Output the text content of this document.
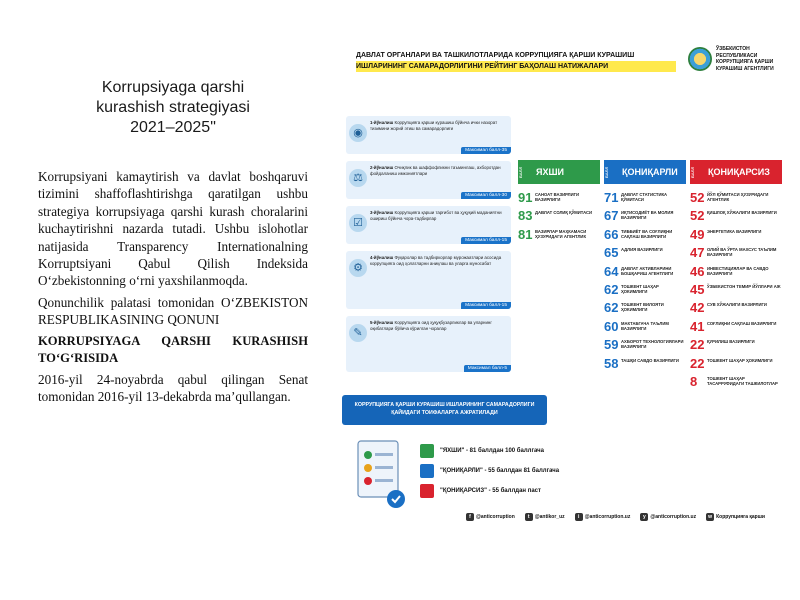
Korrupsiyaga qarshi
kurashish strategiyasi
2021–2025"

Korrupsiyani kamaytirish va davlat boshqaruvi tizimini shaffoflashtirishga qaratilgan ushbu strategiya korrupsiyaga qarshi kurash choralarini kuchaytirishni nazarda tutadi. Ushbu islohotlar natijasida Transparency Internationalning Korruptsiyani Qabul Qilish Indeksida O‘zbekistonning o‘rni yaxshilanmoqda.

Qonunchilik palatasi tomonidan O‘ZBEKISTON RESPUBLIKASINING QONUNI

KORRUPSIYAGA QARSHI KURASHISH TO‘G‘RISIDA

2016-yil 24-noyabrda qabul qilingan Senat tomonidan 2016-yil 13-dekabrda ma’qullangan.

ДАВЛАТ ОРГАНЛАРИ ВА ТАШКИЛОТЛАРИДА КОРРУПЦИЯГА ҚАРШИ КУРАШИШ
ИШЛАРИНИНГ САМАРАДОРЛИГИНИ РЕЙТИНГ БАҲОЛАШ НАТИЖАЛАРИ
ЎЗБЕКИСТОН РЕСПУБЛИКАСИ КОРРУПЦИЯГА ҚАРШИ КУРАШИШ АГЕНТЛИГИ
◉
1-йўналиш Коррупцияга қарши курашиш бўйича ички назорат тизимини жорий этиш ва самарадорлиги
Максимал балл-35
⚖
2-йўналиш Очиқлик ва шаффофликни таъминлаш, ахборотдан фойдаланиш имкониятлари
Максимал балл-30
☑
3-йўналиш Коррупцияга қарши тарғибот ва ҳуқуқий маданиятни ошириш бўйича чора-тадбирлар
Максимал балл-15
⚙
4-йўналиш Фуқаролар ва тадбиркорлар мурожаатлари асосида коррупцияга оид ҳолатларни аниқлаш ва уларга муносабат
Максимал балл-15
✎
5-йўналиш Коррупцияга оид ҳуқуқбузарликлар ва уларнинг оқибатлари бўйича кўрилган чоралар
Максимал балл-5
БАЛЛ	ЯХШИ
91 САНОАТ ВАЗИРЛИГИ ВАЗИРЛИГИ
83 ДАВЛАТ СОЛИҚ ҚЎМИТАСИ
81 ВАЗИРЛАР МАҲКАМАСИ ҲУЗУРИДАГИ АГЕНТЛИК
БАЛЛ	ҚОНИҚАРЛИ
71 ДАВЛАТ СТАТИСТИКА ҚЎМИТАСИ
67 ИҚТИСОДИЁТ ВА МОЛИЯ ВАЗИРЛИГИ
66 ТИББИЁТ ВА СОҒЛИҚНИ САҚЛАШ ВАЗИРЛИГИ
65 АДЛИЯ ВАЗИРЛИГИ
64 ДАВЛАТ АКТИВЛАРИНИ БОШҚАРИШ АГЕНТЛИГИ
62 ТОШКЕНТ ШАҲАР ҲОКИМЛИГИ
62 ТОШКЕНТ ВИЛОЯТИ ҲОКИМЛИГИ
60 МАКТАБГАЧА ТАЪЛИМ ВАЗИРЛИГИ
59 АХБОРОТ ТЕХНОЛОГИЯЛАРИ ВАЗИРЛИГИ
58 ТАШҚИ САВДО ВАЗИРЛИГИ
БАЛЛ	ҚОНИҚАРСИЗ
52 ЙЎЛ ҚЎМИТАСИ ҲУЗУРИДАГИ АГЕНТЛИК
52 ҚИШЛОҚ ХЎЖАЛИГИ ВАЗИРЛИГИ
49 ЭНЕРГЕТИКА ВАЗИРЛИГИ
47 ОЛИЙ ВА ЎРТА МАХСУС ТАЪЛИМ ВАЗИРЛИГИ
46 ИНВЕСТИЦИЯЛАР ВА САВДО ВАЗИРЛИГИ
45 ЎЗБЕКИСТОН ТЕМИР ЙЎЛЛАРИ АЖ
42 СУВ ХЎЖАЛИГИ ВАЗИРЛИГИ
41 СОҒЛИҚНИ САҚЛАШ ВАЗИРЛИГИ
22 ҚУРИЛИШ ВАЗИРЛИГИ
22 ТОШКЕНТ ШАҲАР ҲОКИМЛИГИ
8 ТОШКЕНТ ШАҲАР ТАСАРРУФИДАГИ ТАШКИЛОТЛАР
КОРРУПЦИЯГА ҚАРШИ КУРАШИШ ИШЛАРИНИНГ САМАРАДОРЛИГИ
ҚАЙИДАГИ ТОИФАЛАРГА АЖРАТИЛАДИ
"ЯХШИ" - 81 баллдан 100 баллгача
"ҚОНИҚАРЛИ" - 55 баллдан 81 баллгача
"ҚОНИҚАРСИЗ" - 55 баллдан паст
f	@anticorruption	t	@antikor_uz	i	@anticorruption.uz	y @anticorruption.uz	w Коррупцияга қарши
